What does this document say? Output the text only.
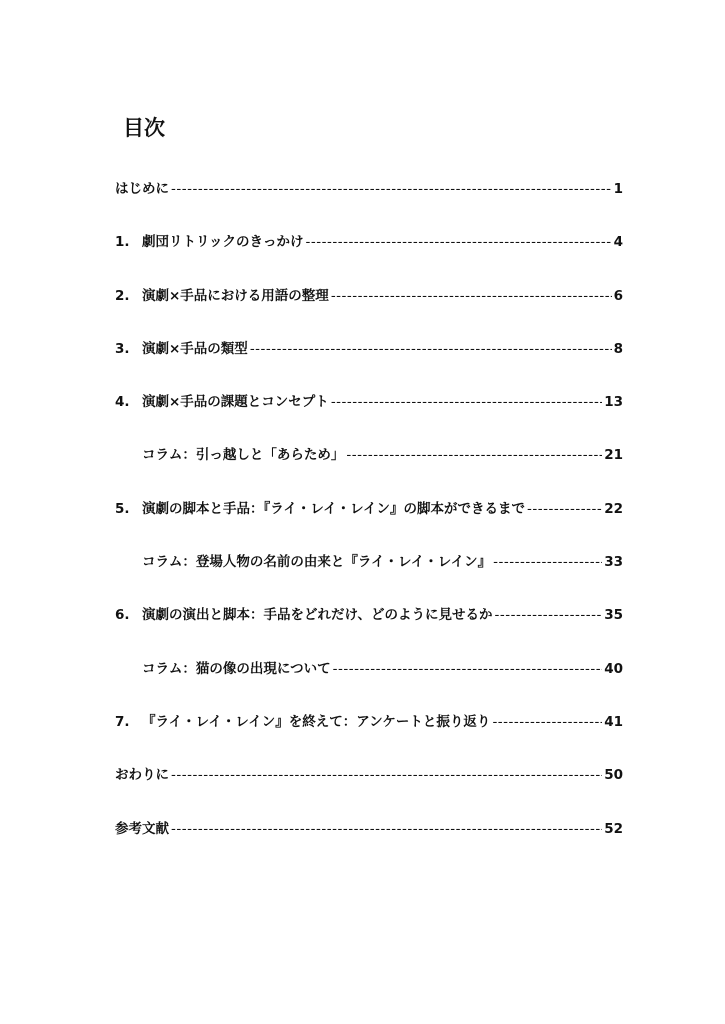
目次
はじめに -----	1
1. 劇団リトリックのきっかけ -----	4
2. 演劇×手品における用語の整理 -----	6
3. 演劇×手品の類型 -----	8
4. 演劇×手品の課題とコンセプト -----	13
コラム：引っ越しと「あらため」 -----	21
5. 演劇の脚本と手品：『ライ・レイ・レイン』の脚本ができるまで -----	22
コラム：登場人物の名前の由来と『ライ・レイ・レイン』 -----	33
6. 演劇の演出と脚本：手品をどれだけ、どのように見せるか -----	35
コラム：猫の像の出現について -----	40
7. 『ライ・レイ・レイン』を終えて：アンケートと振り返り -----	41
おわりに -----	50
参考文献 -----	52
